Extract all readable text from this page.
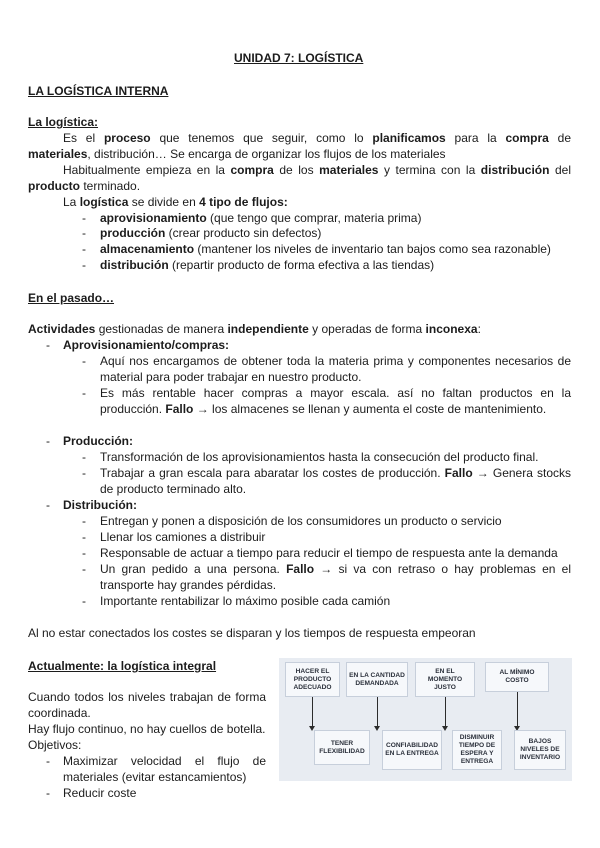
UNIDAD 7: LOGÍSTICA
LA LOGÍSTICA INTERNA
La logística:
Es el proceso que tenemos que seguir, como lo planificamos para la compra de
materiales, distribución… Se encarga de organizar los flujos de los materiales
Habitualmente empieza en la compra de los materiales y termina con la distribución del
producto terminado.
La logística se divide en 4 tipo de flujos:
- aprovisionamiento (que tengo que comprar, materia prima)
- producción (crear producto sin defectos)
- almacenamiento (mantener los niveles de inventario tan bajos como sea razonable)
- distribución (repartir producto de forma efectiva a las tiendas)
En el pasado…
Actividades gestionadas de manera independiente y operadas de forma inconexa:
- Aprovisionamiento/compras:
- Aquí nos encargamos de obtener toda la materia prima y componentes necesarios de
material para poder trabajar en nuestro producto.
- Es más rentable hacer compras a mayor escala. así no faltan productos en la
producción. Fallo → los almacenes se llenan y aumenta el coste de mantenimiento.
- Producción:
- Transformación de los aprovisionamientos hasta la consecución del producto final.
- Trabajar a gran escala para abaratar los costes de producción. Fallo → Genera stocks
de producto terminado alto.
- Distribución:
- Entregan y ponen a disposición de los consumidores un producto o servicio
- Llenar los camiones a distribuir
- Responsable de actuar a tiempo para reducir el tiempo de respuesta ante la demanda
- Un gran pedido a una persona. Fallo → si va con retraso o hay problemas en el
transporte hay grandes pérdidas.
- Importante rentabilizar lo máximo posible cada camión
Al no estar conectados los costes se disparan y los tiempos de respuesta empeoran
Actualmente: la logística integral
Cuando todos los niveles trabajan de forma
coordinada.
Hay flujo continuo, no hay cuellos de botella.
Objetivos:
- Maximizar velocidad el flujo de
materiales (evitar estancamientos)
- Reducir coste
HACER EL PRODUCTO ADECUADO
EN LA CANTIDAD DEMANDADA
EN EL MOMENTO JUSTO
AL MÍNIMO COSTO
TENER FLEXIBILIDAD
CONFIABILIDAD EN LA ENTREGA
DISMINUIR TIEMPO DE ESPERA Y ENTREGA
BAJOS NIVELES DE INVENTARIO
